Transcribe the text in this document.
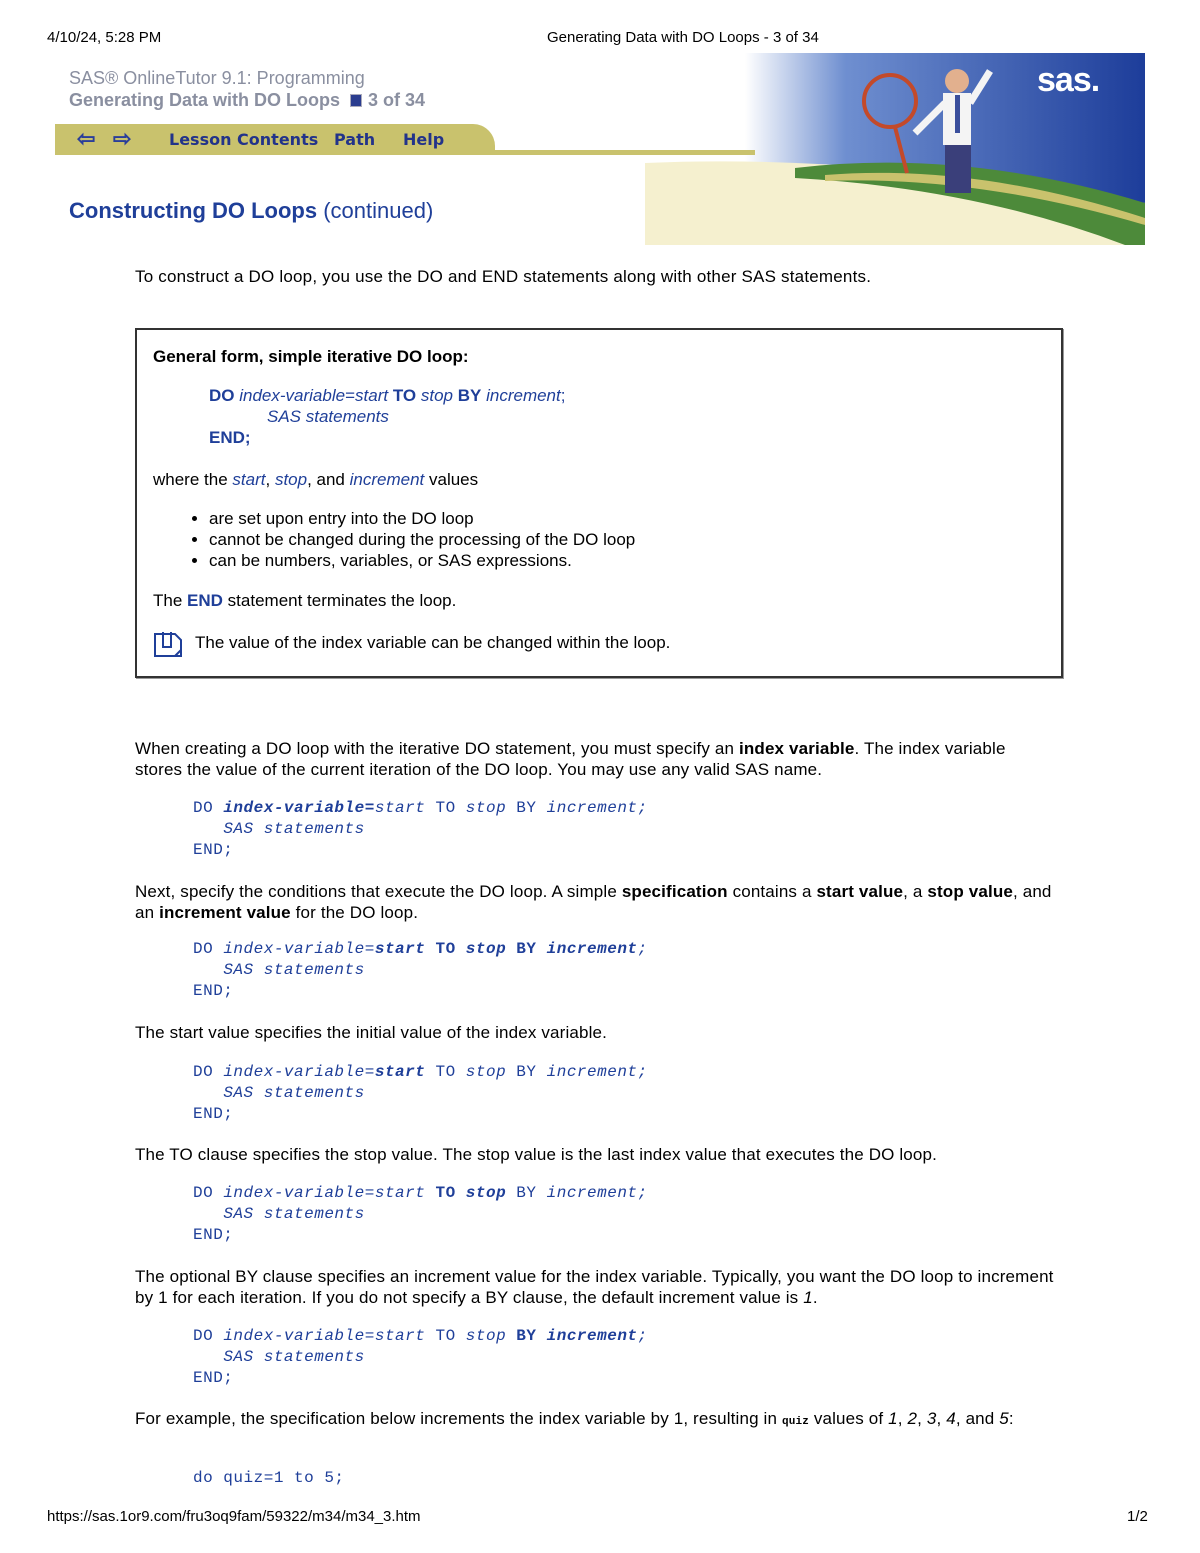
4/10/24, 5:28 PM	Generating Data with DO Loops - 3 of 34
https://sas.1or9.com/fru3oq9fam/59322/m34/m34_3.htm	1/2
SAS® OnlineTutor 9.1: Programming
Generating Data with DO Loops 3 of 34
sas.
⇦ ⇨ Lesson Contents Path Help
Constructing DO Loops (continued)
To construct a DO loop, you use the DO and END statements along with other SAS statements.
General form, simple iterative DO loop:
DO index-variable=start TO stop BY increment;
SAS statements
END;
where the start, stop, and increment values
• are set upon entry into the DO loop
• cannot be changed during the processing of the DO loop
• can be numbers, variables, or SAS expressions.
The END statement terminates the loop.
The value of the index variable can be changed within the loop.
When creating a DO loop with the iterative DO statement, you must specify an index variable. The index variable stores the value of the current iteration of the DO loop. You may use any valid SAS name.
DO index-variable=start TO stop BY increment;
SAS statements
END;
Next, specify the conditions that execute the DO loop. A simple specification contains a start value, a stop value, and an increment value for the DO loop.
DO index-variable=start TO stop BY increment;
SAS statements
END;
The start value specifies the initial value of the index variable.
DO index-variable=start TO stop BY increment;
SAS statements
END;
The TO clause specifies the stop value. The stop value is the last index value that executes the DO loop.
DO index-variable=start TO stop BY increment;
SAS statements
END;
The optional BY clause specifies an increment value for the index variable. Typically, you want the DO loop to increment by 1 for each iteration. If you do not specify a BY clause, the default increment value is 1.
DO index-variable=start TO stop BY increment;
SAS statements
END;
For example, the specification below increments the index variable by 1, resulting in quiz values of 1, 2, 3, 4, and 5:
do quiz=1 to 5;
